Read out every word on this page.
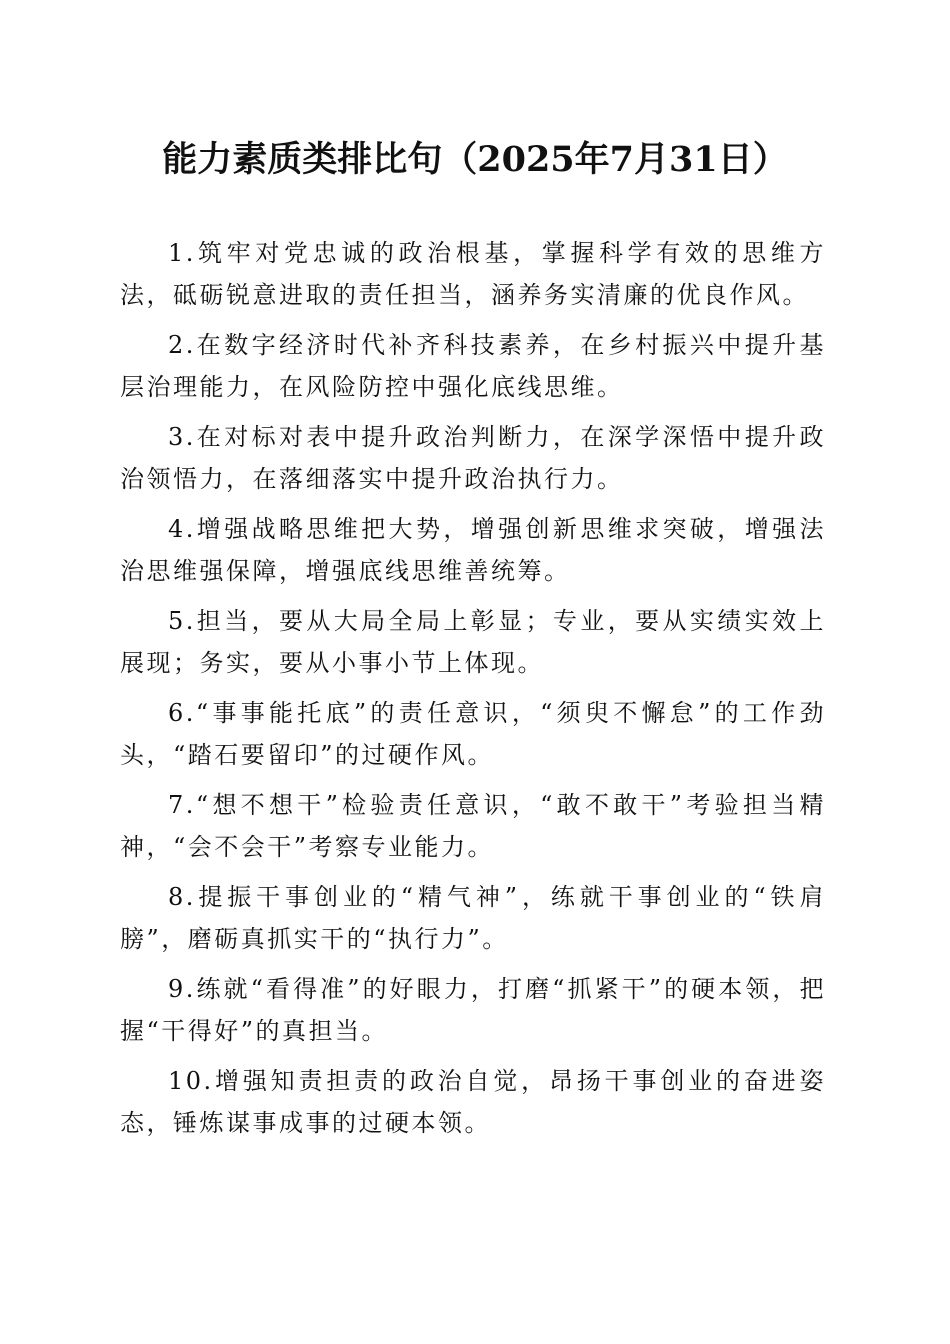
能力素质类排比句（2025年7月31日）

1.筑牢对党忠诚的政治根基，掌握科学有效的思维方法，砥砺锐意进取的责任担当，涵养务实清廉的优良作风。

2.在数字经济时代补齐科技素养，在乡村振兴中提升基层治理能力，在风险防控中强化底线思维。

3.在对标对表中提升政治判断力，在深学深悟中提升政治领悟力，在落细落实中提升政治执行力。

4.增强战略思维把大势，增强创新思维求突破，增强法治思维强保障，增强底线思维善统筹。

5.担当，要从大局全局上彰显；专业，要从实绩实效上展现；务实，要从小事小节上体现。

6.“事事能托底”的责任意识，“须臾不懈怠”的工作劲头，“踏石要留印”的过硬作风。

7.“想不想干”检验责任意识，“敢不敢干”考验担当精神，“会不会干”考察专业能力。

8.提振干事创业的“精气神”，练就干事创业的“铁肩膀”，磨砺真抓实干的“执行力”。

9.练就“看得准”的好眼力，打磨“抓紧干”的硬本领，把握“干得好”的真担当。

10.增强知责担责的政治自觉，昂扬干事创业的奋进姿态，锤炼谋事成事的过硬本领。
